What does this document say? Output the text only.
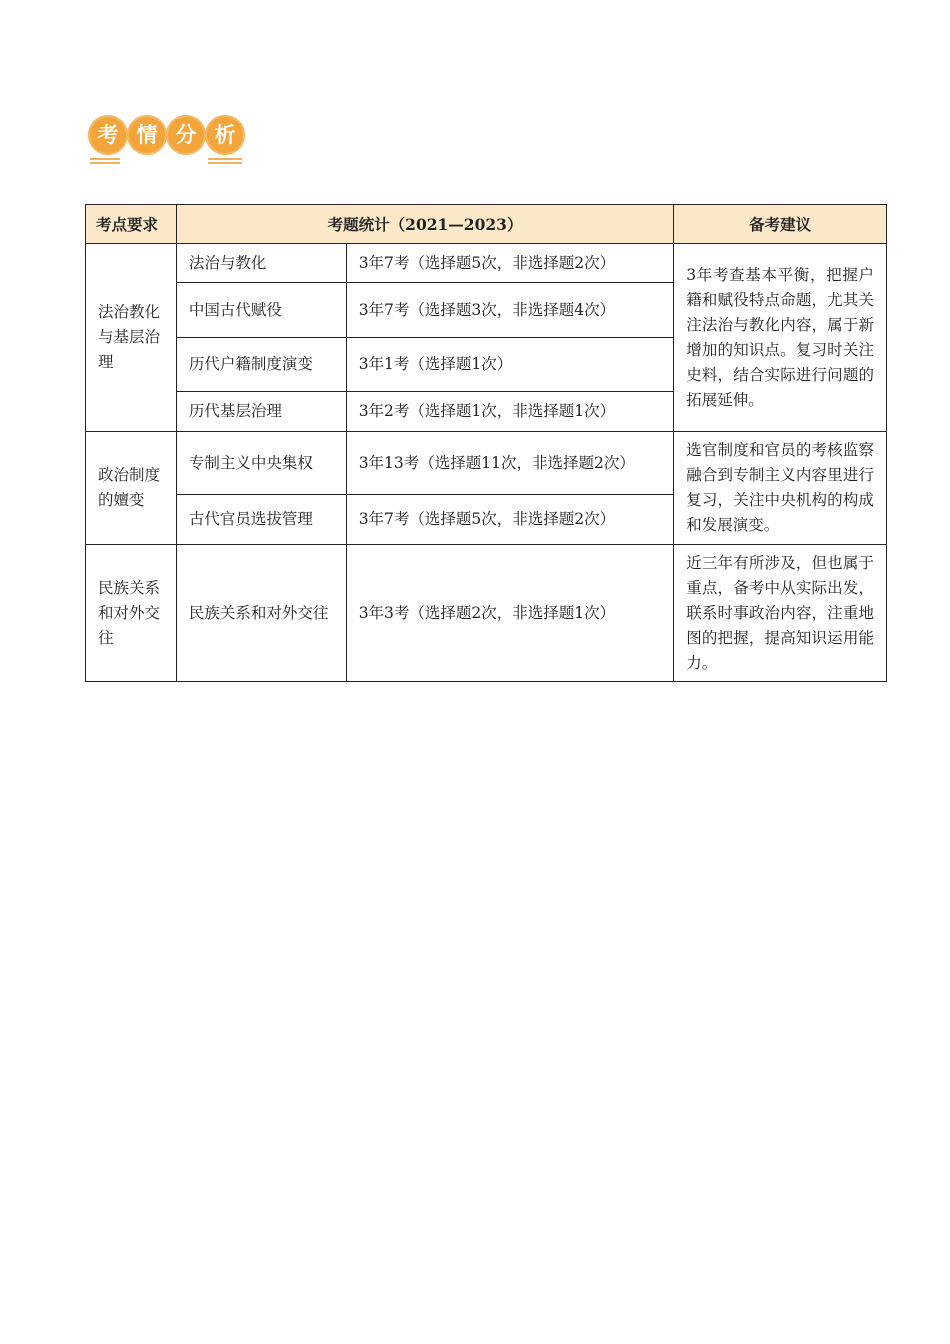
考 情 分 析
考点要求	考题统计（2021—2023）		备考建议
法治教化与基层治理	法治与教化	3年7考（选择题5次，非选择题2次）	3年考查基本平衡，把握户籍和赋役特点命题，尤其关注法治与教化内容，属于新增加的知识点。复习时关注史料，结合实际进行问题的拓展延伸。
	中国古代赋役	3年7考（选择题3次，非选择题4次）	
	历代户籍制度演变	3年1考（选择题1次）	
	历代基层治理	3年2考（选择题1次，非选择题1次）	
政治制度的嬗变	专制主义中央集权	3年13考（选择题11次，非选择题2次）	选官制度和官员的考核监察融合到专制主义内容里进行复习，关注中央机构的构成和发展演变。
	古代官员选拔管理	3年7考（选择题5次，非选择题2次）	
民族关系和对外交往	民族关系和对外交往	3年3考（选择题2次，非选择题1次）	近三年有所涉及，但也属于重点，备考中从实际出发，联系时事政治内容，注重地图的把握，提高知识运用能力。
